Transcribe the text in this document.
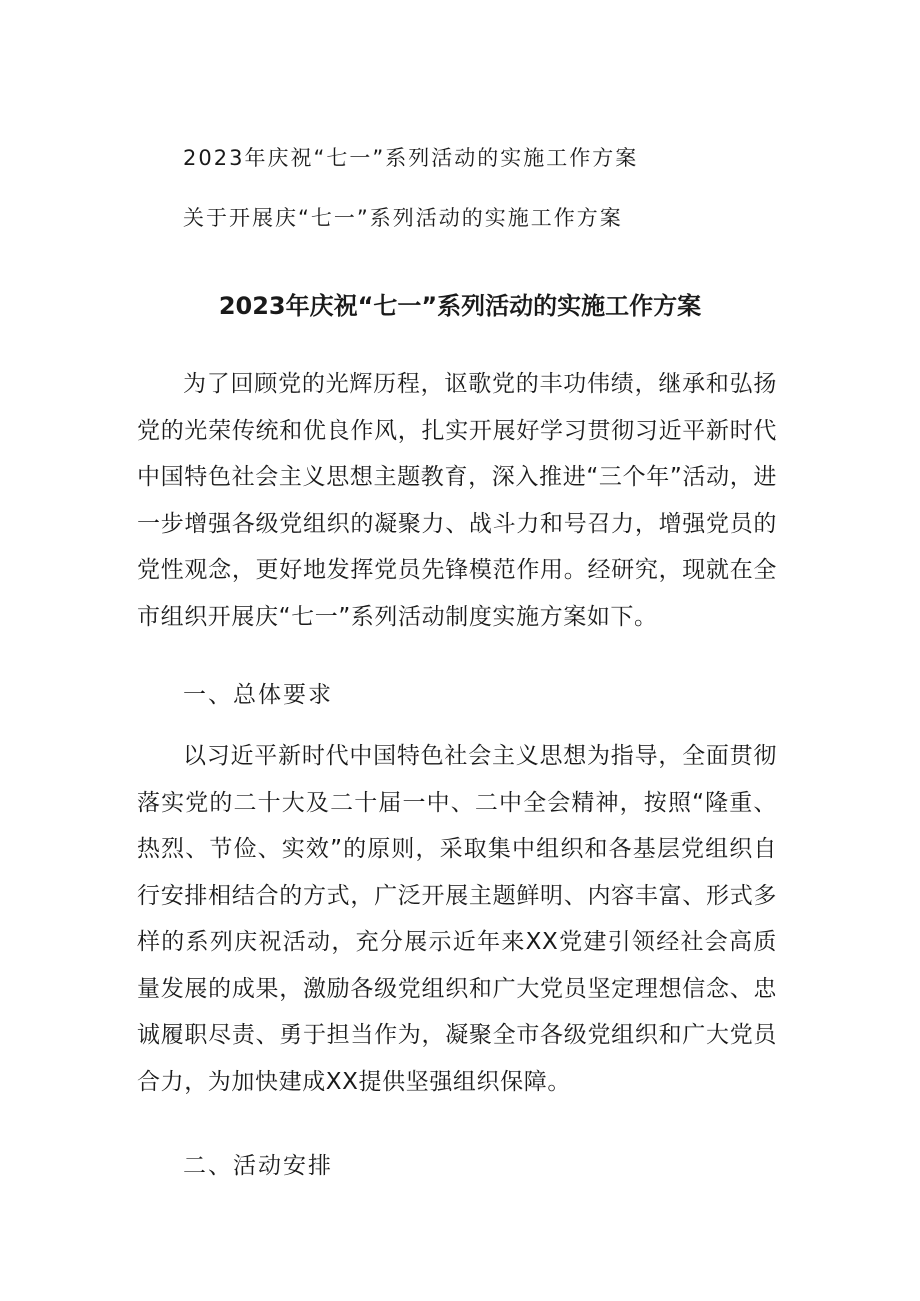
2023年庆祝“七一”系列活动的实施工作方案
关于开展庆“七一”系列活动的实施工作方案
2023年庆祝“七一”系列活动的实施工作方案
为了回顾党的光辉历程，讴歌党的丰功伟绩，继承和弘扬党的光荣传统和优良作风，扎实开展好学习贯彻习近平新时代中国特色社会主义思想主题教育，深入推进“三个年”活动，进一步增强各级党组织的凝聚力、战斗力和号召力，增强党员的党性观念，更好地发挥党员先锋模范作用。经研究，现就在全市组织开展庆“七一”系列活动制度实施方案如下。
一、总体要求
以习近平新时代中国特色社会主义思想为指导，全面贯彻落实党的二十大及二十届一中、二中全会精神，按照“隆重、热烈、节俭、实效”的原则，采取集中组织和各基层党组织自行安排相结合的方式，广泛开展主题鲜明、内容丰富、形式多样的系列庆祝活动，充分展示近年来XX党建引领经社会高质量发展的成果，激励各级党组织和广大党员坚定理想信念、忠诚履职尽责、勇于担当作为，凝聚全市各级党组织和广大党员合力，为加快建成XX提供坚强组织保障。
二、活动安排
